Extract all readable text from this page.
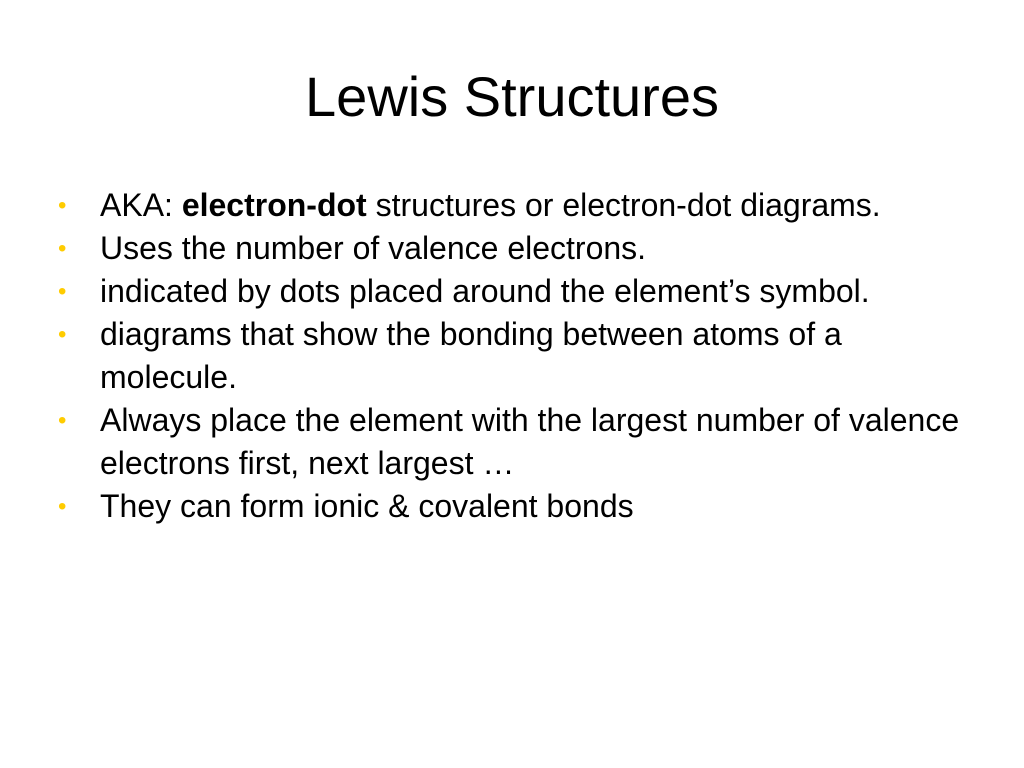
Lewis Structures
•	AKA: electron-dot structures or electron-dot diagrams.
•	Uses the number of valence electrons.
•	indicated by dots placed around the element’s symbol.
•	diagrams that show the bonding between atoms of a molecule.
•	Always place the element with the largest number of valence electrons first, next largest …
•	They can form ionic & covalent bonds
